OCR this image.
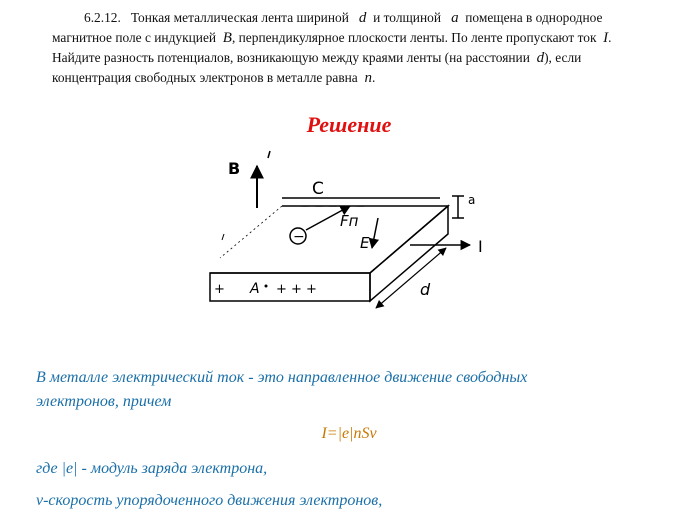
6.2.12. Тонкая металлическая лента шириной d и толщиной a помещена в однородное
магнитное поле с индукцией B, перпендикулярное плоскости ленты. По ленте пропускают ток I.
Найдите разность потенциалов, возникающую между краями ленты (на расстоянии d), если
концентрация свободных электронов в металле равна n.
Решение
B
a
C
− − − − −
−
Fп
E	I
d
+ A + + +
В металле электрический ток - это направленное движение свободных
электронов, причем
I=|e|nSv
где |e| - модуль заряда электрона,
v-скорость упорядоченного движения электронов,
